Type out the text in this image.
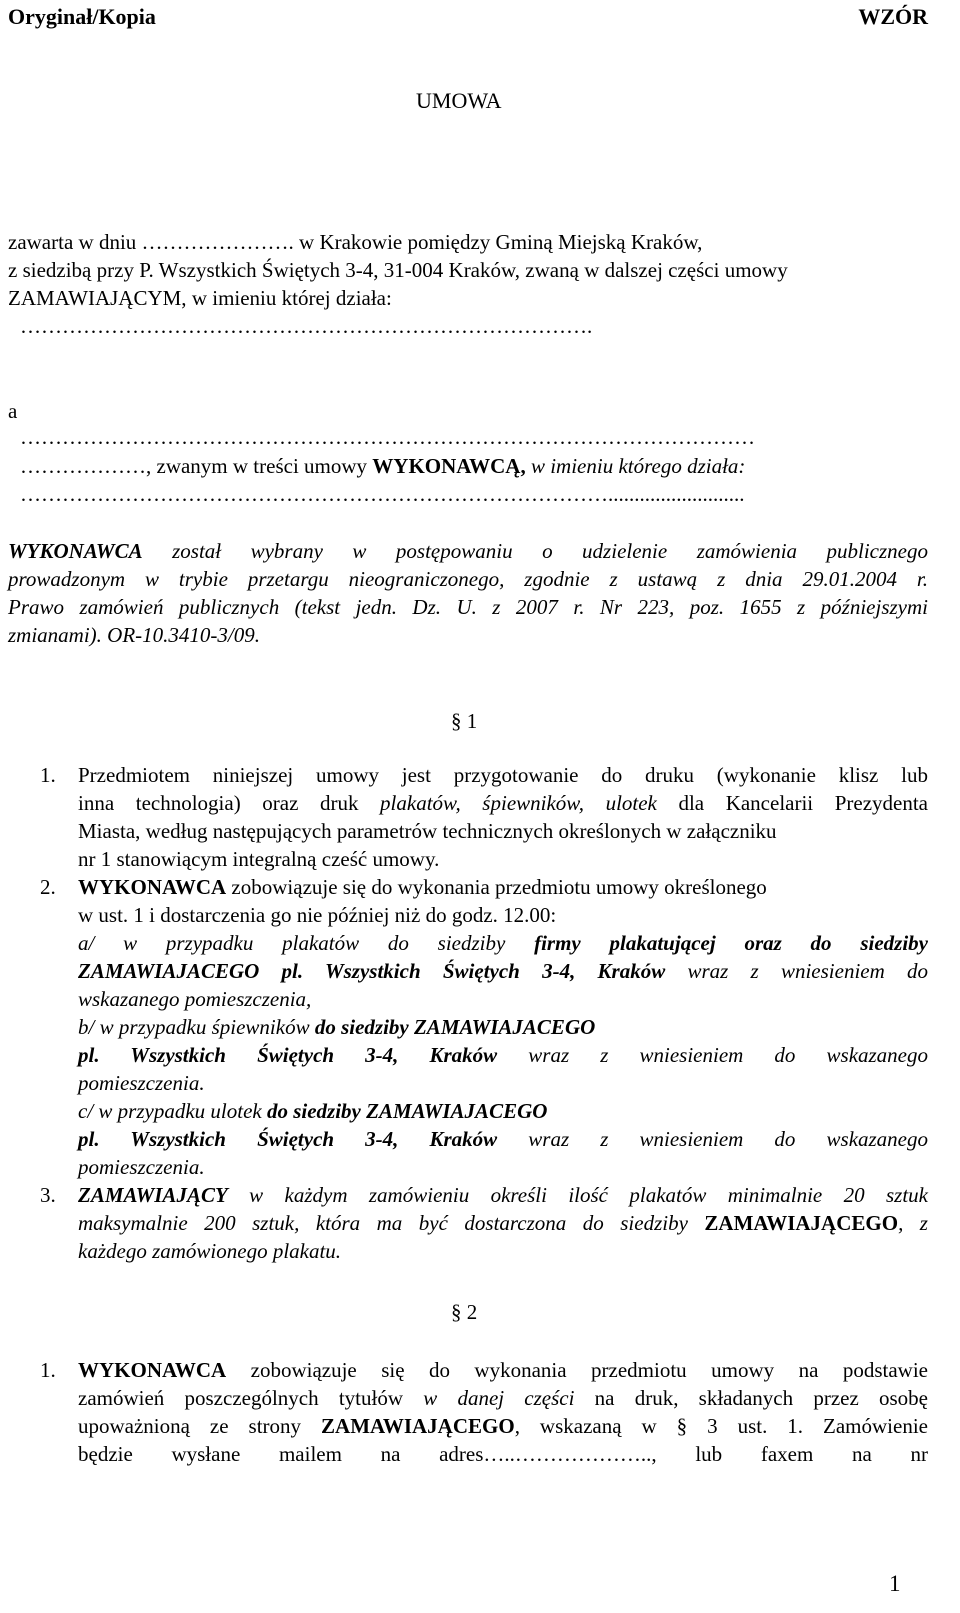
Oryginał/Kopia	WZÓR
UMOWA
zawarta w dniu …………………. w Krakowie pomiędzy Gminą Miejską Kraków,
z siedzibą przy P. Wszystkich Świętych 3-4, 31-004 Kraków, zwaną w dalszej części umowy
ZAMAWIAJĄCYM, w imieniu której działa:
……………………………………………………………………….
a
……………………………………………………………………………………………
………………, zwanym w treści umowy WYKONAWCĄ, w imieniu którego działa:
…………………………………………………………………………..........................
WYKONAWCA został wybrany w postępowaniu o udzielenie zamówienia publicznego
prowadzonym w trybie przetargu nieograniczonego, zgodnie z ustawą z dnia 29.01.2004 r.
Prawo zamówień publicznych (tekst jedn. Dz. U. z 2007 r. Nr 223, poz. 1655 z późniejszymi
zmianami). OR-10.3410-3/09.
§ 1
1. Przedmiotem niniejszej umowy jest przygotowanie do druku (wykonanie klisz lub
inna technologia) oraz druk plakatów, śpiewników, ulotek dla Kancelarii Prezydenta
Miasta, według następujących parametrów technicznych określonych w załączniku
nr 1 stanowiącym integralną cześć umowy.
2. WYKONAWCA zobowiązuje się do wykonania przedmiotu umowy określonego
w ust. 1 i dostarczenia go nie później niż do godz. 12.00:
a/ w przypadku plakatów do siedziby firmy plakatującej oraz do siedziby
ZAMAWIAJACEGO pl. Wszystkich Świętych 3-4, Kraków wraz z wniesieniem do
wskazanego pomieszczenia,
b/ w przypadku śpiewników do siedziby ZAMAWIAJACEGO
pl. Wszystkich Świętych 3-4, Kraków wraz z wniesieniem do wskazanego
pomieszczenia.
c/ w przypadku ulotek do siedziby ZAMAWIAJACEGO
pl. Wszystkich Świętych 3-4, Kraków wraz z wniesieniem do wskazanego
pomieszczenia.
3. ZAMAWIAJĄCY w każdym zamówieniu określi ilość plakatów minimalnie 20 sztuk
maksymalnie 200 sztuk, która ma być dostarczona do siedziby ZAMAWIAJĄCEGO, z
każdego zamówionego plakatu.
§ 2
1. WYKONAWCA zobowiązuje się do wykonania przedmiotu umowy na podstawie
zamówień poszczególnych tytułów w danej części na druk, składanych przez osobę
upoważnioną ze strony ZAMAWIAJĄCEGO, wskazaną w § 3 ust. 1. Zamówienie
będzie wysłane mailem na adres…..……………….., lub faxem na nr
1
